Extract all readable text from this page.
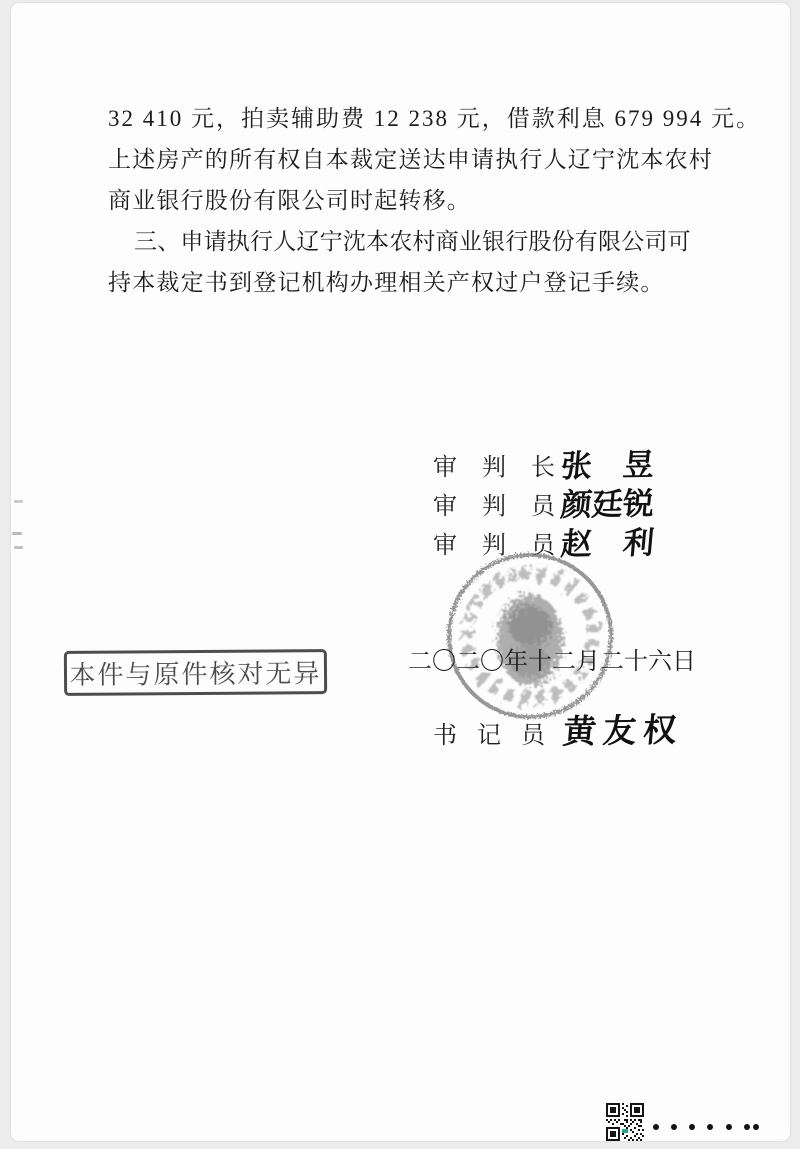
32 410 元，拍卖辅助费 12 238 元，借款利息 679 994 元。
上述房产的所有权自本裁定送达申请执行人辽宁沈本农村
商业银行股份有限公司时起转移。
三、申请执行人辽宁沈本农村商业银行股份有限公司可
持本裁定书到登记机构办理相关产权过户登记手续。
审判长 张　昱
审判员 颜廷锐
审判员 赵　利
二〇二〇年十二月二十六日
本件与原件核对无异
书记员 黄友权
